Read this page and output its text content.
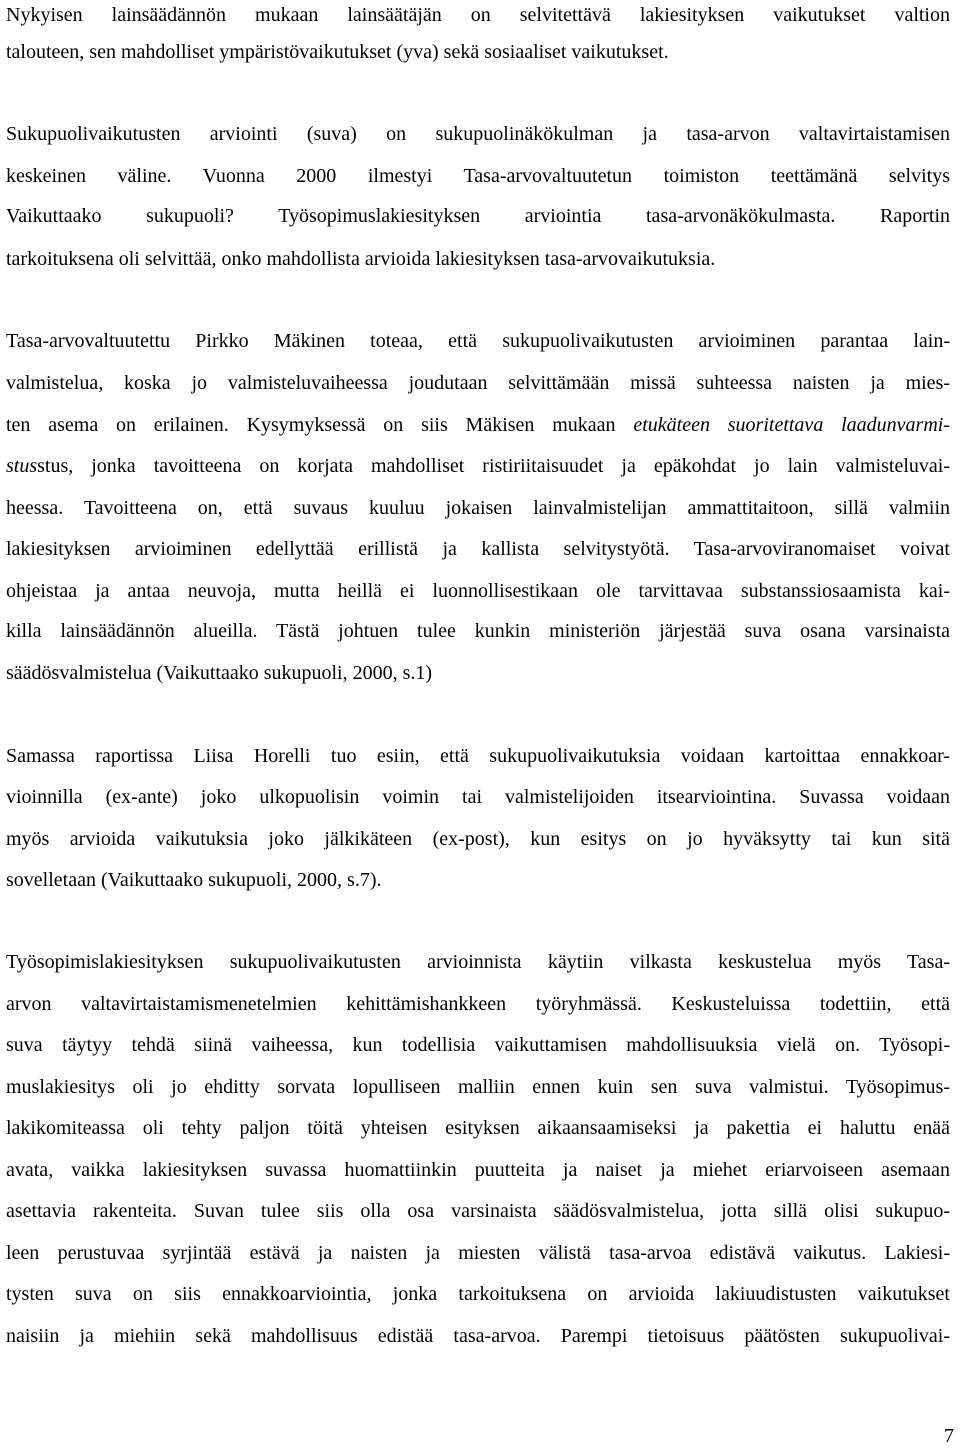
Nykyisen lainsäädännön mukaan lainsäätäjän on selvitettävä lakiesityksen vaikutukset valtion
talouteen, sen mahdolliset ympäristövaikutukset (yva) sekä sosiaaliset vaikutukset.
Sukupuolivaikutusten arviointi (suva) on sukupuolinäkökulman ja tasa-arvon valtavirtaistamisen
keskeinen väline. Vuonna 2000 ilmestyi Tasa-arvovaltuutetun toimiston teettämänä selvitys
Vaikuttaako sukupuoli? Työsopimuslakiesityksen arviointia tasa-arvonäkökulmasta. Raportin
tarkoituksena oli selvittää, onko mahdollista arvioida lakiesityksen tasa-arvovaikutuksia.
Tasa-arvovaltuutettu Pirkko Mäkinen toteaa, että sukupuolivaikutusten arvioiminen parantaa lain-
valmistelua, koska jo valmisteluvaiheessa joudutaan selvittämään missä suhteessa naisten ja mies-
ten asema on erilainen. Kysymyksessä on siis Mäkisen mukaan etukäteen suoritettava laadunvarmi-
stusstus, jonka tavoitteena on korjata mahdolliset ristiriitaisuudet ja epäkohdat jo lain valmisteluvai-
heessa. Tavoitteena on, että suvaus kuuluu jokaisen lainvalmistelijan ammattitaitoon, sillä valmiin
lakiesityksen arvioiminen edellyttää erillistä ja kallista selvitystyötä. Tasa-arvoviranomaiset voivat
ohjeistaa ja antaa neuvoja, mutta heillä ei luonnollisestikaan ole tarvittavaa substanssiosaamista kai-
killa lainsäädännön alueilla. Tästä johtuen tulee kunkin ministeriön järjestää suva osana varsinaista
säädösvalmistelua (Vaikuttaako sukupuoli, 2000, s.1)
Samassa raportissa Liisa Horelli tuo esiin, että sukupuolivaikutuksia voidaan kartoittaa ennakkoar-
vioinnilla (ex-ante) joko ulkopuolisin voimin tai valmistelijoiden itsearviointina. Suvassa voidaan
myös arvioida vaikutuksia joko jälkikäteen (ex-post), kun esitys on jo hyväksytty tai kun sitä
sovelletaan (Vaikuttaako sukupuoli, 2000, s.7).
Työsopimislakiesityksen sukupuolivaikutusten arvioinnista käytiin vilkasta keskustelua myös Tasa-
arvon valtavirtaistamismenetelmien kehittämishankkeen työryhmässä. Keskusteluissa todettiin, että
suva täytyy tehdä siinä vaiheessa, kun todellisia vaikuttamisen mahdollisuuksia vielä on. Työsopi-
muslakiesitys oli jo ehditty sorvata lopulliseen malliin ennen kuin sen suva valmistui. Työsopimus-
lakikomiteassa oli tehty paljon töitä yhteisen esityksen aikaansaamiseksi ja pakettia ei haluttu enää
avata, vaikka lakiesityksen suvassa huomattiinkin puutteita ja naiset ja miehet eriarvoiseen asemaan
asettavia rakenteita. Suvan tulee siis olla osa varsinaista säädösvalmistelua, jotta sillä olisi sukupuo-
leen perustuvaa syrjintää estävä ja naisten ja miesten välistä tasa-arvoa edistävä vaikutus. Lakiesi-
tysten suva on siis ennakkoarviointia, jonka tarkoituksena on arvioida lakiuudistusten vaikutukset
naisiin ja miehiin sekä mahdollisuus edistää tasa-arvoa. Parempi tietoisuus päätösten sukupuolivai-
7
